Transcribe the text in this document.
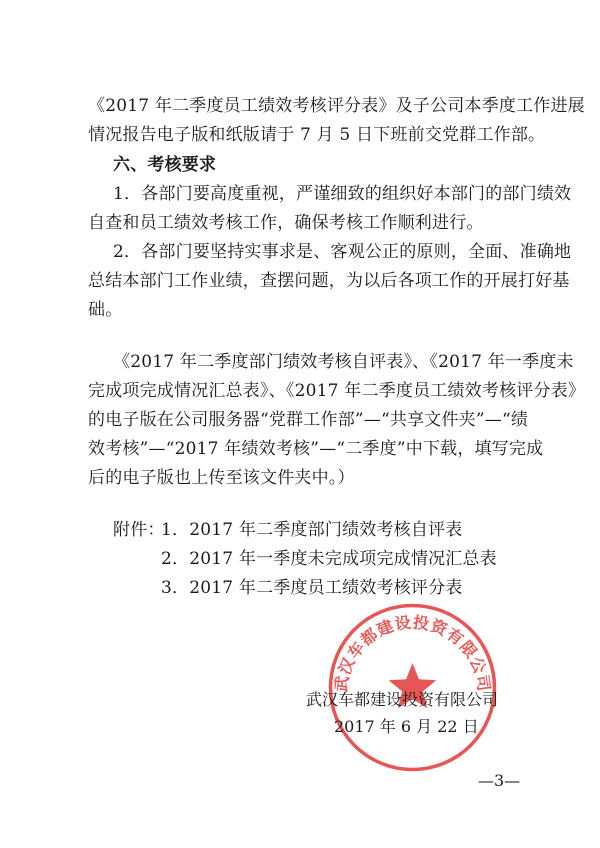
《2017 年二季度员工绩效考核评分表》及子公司本季度工作进展
情况报告电子版和纸版请于 7 月 5 日下班前交党群工作部。
六、考核要求
1．各部门要高度重视，严谨细致的组织好本部门的部门绩效
自查和员工绩效考核工作，确保考核工作顺利进行。
2．各部门要坚持实事求是、客观公正的原则，全面、准确地
总结本部门工作业绩，查摆问题，为以后各项工作的开展打好基
础。
《2017 年二季度部门绩效考核自评表》、《2017 年一季度未
完成项完成情况汇总表》、《2017 年二季度员工绩效考核评分表》
的电子版在公司服务器“党群工作部”—“共享文件夹”—“绩
效考核”—“2017 年绩效考核”—“二季度”中下载，填写完成
后的电子版也上传至该文件夹中。）
附件：
1．2017 年二季度部门绩效考核自评表
2．2017 年一季度未完成项完成情况汇总表
3．2017 年二季度员工绩效考核评分表
武汉车都建设投资有限公司
武汉车都建设投资有限公司
2017 年 6 月 22 日
—3—
